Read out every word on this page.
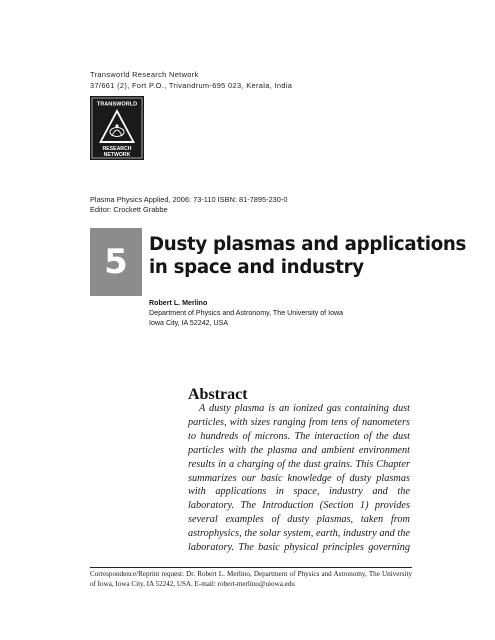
Transworld Research Network
37/661 (2), Fort P.O., Trivandrum-695 023, Kerala, India
TRANSWORLD
RESEARCH
NETWORK
Plasma Physics Applied, 2006: 73-110 ISBN: 81-7895-230-0
Editor: Crockett Grabbe
5	Dusty plasmas and applications
in space and industry
Robert L. Merlino
Department of Physics and Astronomy, The University of Iowa
Iowa City, IA 52242, USA
Abstract
A dusty plasma is an ionized gas containing dust particles, with sizes ranging from tens of nanometers to hundreds of microns. The interaction of the dust particles with the plasma and ambient environment results in a charging of the dust grains. This Chapter summarizes our basic knowledge of dusty plasmas with applications in space, industry and the laboratory. The Introduction (Section 1) provides several examples of dusty plasmas, taken from astrophysics, the solar system, earth, industry and the laboratory. The basic physical principles governing
Correspondence/Reprint request: Dr. Robert L. Merlino, Department of Physics and Astronomy, The University of Iowa, Iowa City, IA 52242, USA. E-mail: robert-merlino@uiowa.edu
